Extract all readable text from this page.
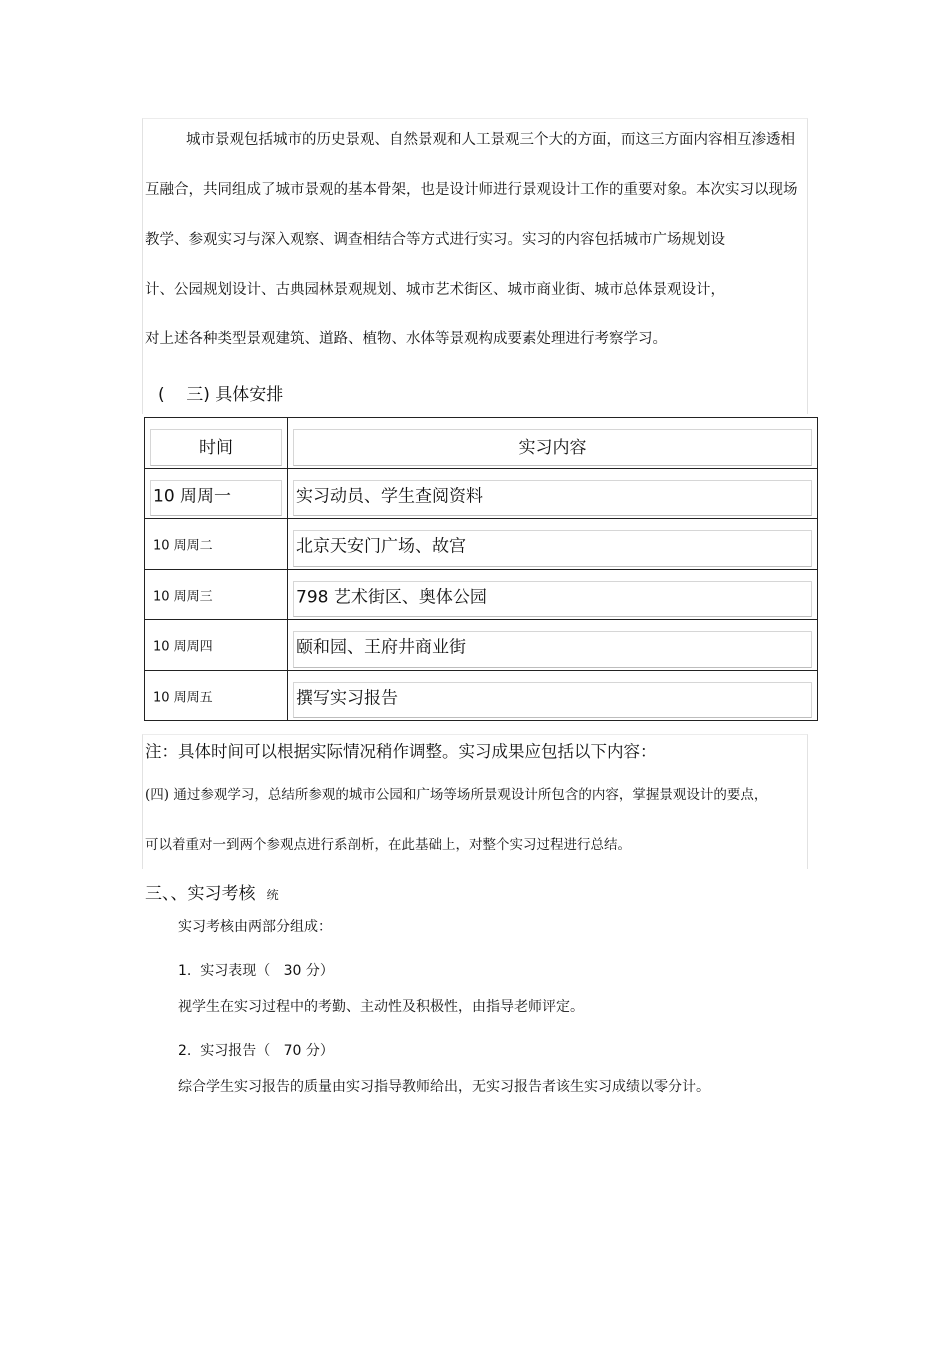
城市景观包括城市的历史景观、自然景观和人工景观三个大的方面，而这三方面内容相互渗透相
互融合，共同组成了城市景观的基本骨架，也是设计师进行景观设计工作的重要对象。本次实习以现场
教学、参观实习与深入观察、调查相结合等方式进行实习。实习的内容包括城市广场规划设
计、公园规划设计、古典园林景观规划、城市艺术街区、城市商业街、城市总体景观设计，
对上述各种类型景观建筑、道路、植物、水体等景观构成要素处理进行考察学习。
(    三) 具体安排
时间	实习内容

10 周周一	实习动员、学生查阅资料

10 周周二	北京天安门广场、故宫

10 周周三	798 艺术街区、奥体公园

10 周周四	颐和园、王府井商业街

10 周周五	撰写实习报告
注：具体时间可以根据实际情况稍作调整。实习成果应包括以下内容：
(四) 通过参观学习，总结所参观的城市公园和广场等场所景观设计所包含的内容，掌握景观设计的要点，
可以着重对一到两个参观点进行系剖析，在此基础上，对整个实习过程进行总结。
三、、实习考核 统
实习考核由两部分组成：
1.  实习表现（   30 分）
视学生在实习过程中的考勤、主动性及积极性，由指导老师评定。
2.  实习报告（   70 分）
综合学生实习报告的质量由实习指导教师给出，无实习报告者该生实习成绩以零分计。
